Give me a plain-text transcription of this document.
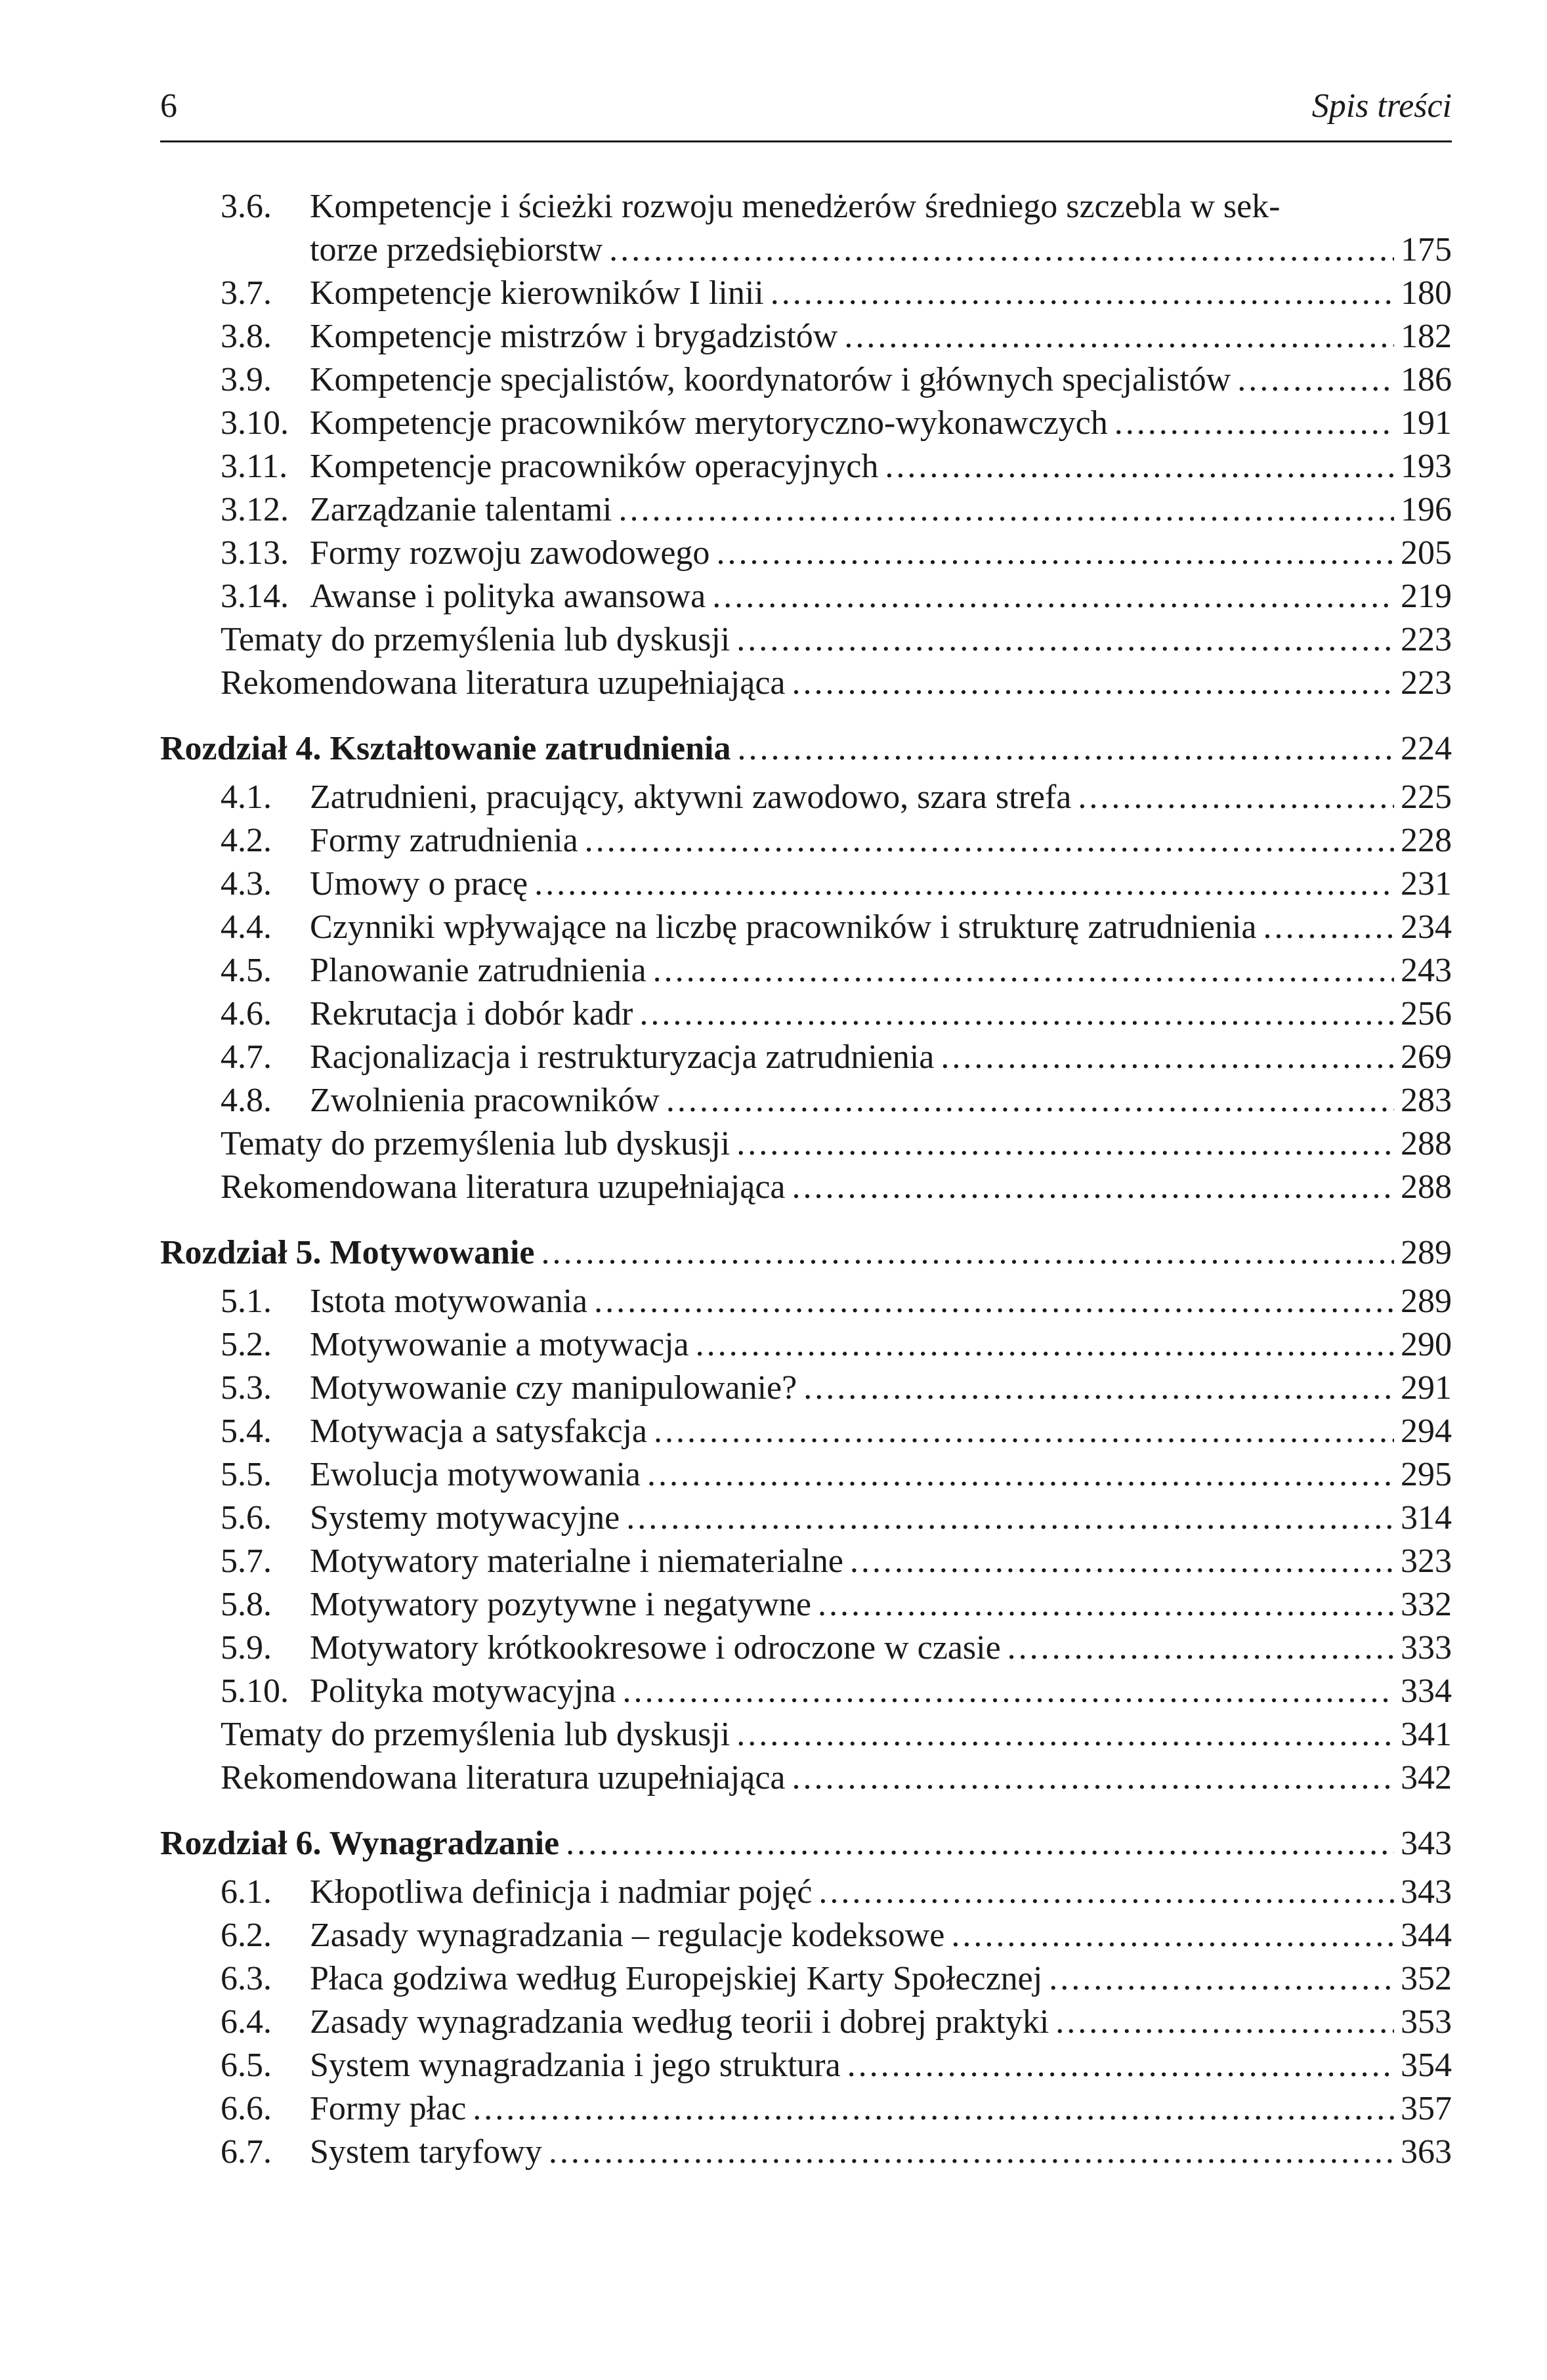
6	Spis treści
3.6. Kompetencje i ścieżki rozwoju menedżerów średniego szczebla w sek-
torze przedsiębiorstw .....	175
3.7. Kompetencje kierowników I linii .....	180
3.8. Kompetencje mistrzów i brygadzistów .....	182
3.9. Kompetencje specjalistów, koordynatorów i głównych specjalistów .....	186
3.10. Kompetencje pracowników merytoryczno-wykonawczych .....	191
3.11. Kompetencje pracowników operacyjnych .....	193
3.12. Zarządzanie talentami .....	196
3.13. Formy rozwoju zawodowego .....	205
3.14. Awanse i polityka awansowa .....	219
Tematy do przemyślenia lub dyskusji .....	223
Rekomendowana literatura uzupełniająca .....	223
Rozdział 4. Kształtowanie zatrudnienia .....	224
4.1. Zatrudnieni, pracujący, aktywni zawodowo, szara strefa .....	225
4.2. Formy zatrudnienia .....	228
4.3. Umowy o pracę .....	231
4.4. Czynniki wpływające na liczbę pracowników i strukturę zatrudnienia .....	234
4.5. Planowanie zatrudnienia .....	243
4.6. Rekrutacja i dobór kadr .....	256
4.7. Racjonalizacja i restrukturyzacja zatrudnienia .....	269
4.8. Zwolnienia pracowników .....	283
Tematy do przemyślenia lub dyskusji .....	288
Rekomendowana literatura uzupełniająca .....	288
Rozdział 5. Motywowanie .....	289
5.1. Istota motywowania .....	289
5.2. Motywowanie a motywacja .....	290
5.3. Motywowanie czy manipulowanie? .....	291
5.4. Motywacja a satysfakcja .....	294
5.5. Ewolucja motywowania .....	295
5.6. Systemy motywacyjne .....	314
5.7. Motywatory materialne i niematerialne .....	323
5.8. Motywatory pozytywne i negatywne .....	332
5.9. Motywatory krótkookresowe i odroczone w czasie .....	333
5.10. Polityka motywacyjna .....	334
Tematy do przemyślenia lub dyskusji .....	341
Rekomendowana literatura uzupełniająca .....	342
Rozdział 6. Wynagradzanie .....	343
6.1. Kłopotliwa definicja i nadmiar pojęć .....	343
6.2. Zasady wynagradzania – regulacje kodeksowe .....	344
6.3. Płaca godziwa według Europejskiej Karty Społecznej .....	352
6.4. Zasady wynagradzania według teorii i dobrej praktyki .....	353
6.5. System wynagradzania i jego struktura .....	354
6.6. Formy płac .....	357
6.7. System taryfowy .....	363
